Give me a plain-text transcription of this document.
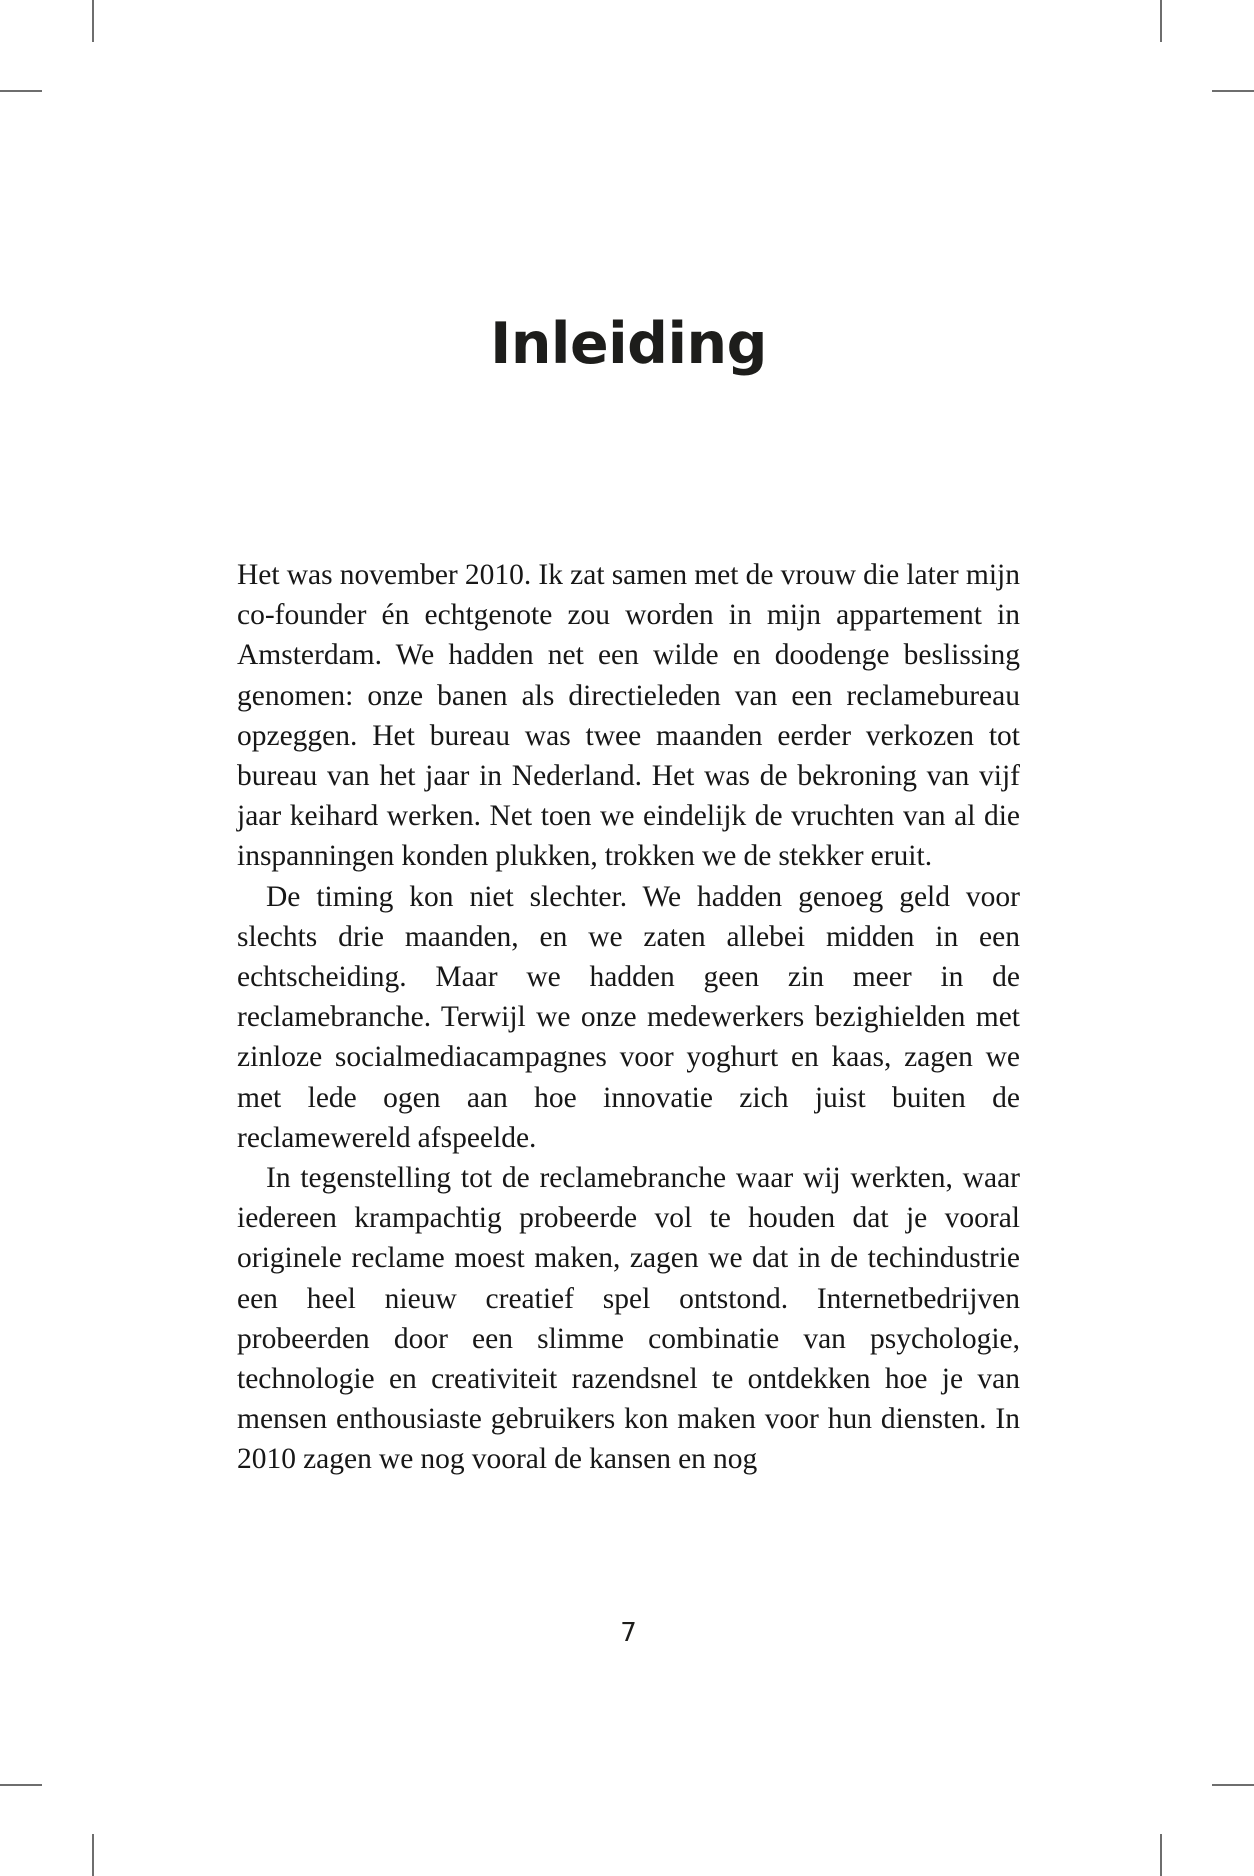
Inleiding

Het was november 2010. Ik zat samen met de vrouw die later mijn co-founder én echtgenote zou worden in mijn appartement in Amsterdam. We hadden net een wilde en doodenge beslissing genomen: onze banen als directieleden van een reclamebureau opzeggen. Het bureau was twee maanden eerder verkozen tot bureau van het jaar in Nederland. Het was de bekroning van vijf jaar keihard werken. Net toen we eindelijk de vruchten van al die inspanningen konden plukken, trokken we de stekker eruit.

De timing kon niet slechter. We hadden genoeg geld voor slechts drie maanden, en we zaten allebei midden in een echtscheiding. Maar we hadden geen zin meer in de reclamebranche. Terwijl we onze medewerkers bezighielden met zinloze socialmediacampagnes voor yoghurt en kaas, zagen we met lede ogen aan hoe innovatie zich juist buiten de reclamewereld afspeelde.

In tegenstelling tot de reclamebranche waar wij werkten, waar iedereen krampachtig probeerde vol te houden dat je vooral originele reclame moest maken, zagen we dat in de techindustrie een heel nieuw creatief spel ontstond. Internetbedrijven probeerden door een slimme combinatie van psychologie, technologie en creativiteit razendsnel te ontdekken hoe je van mensen enthousiaste gebruikers kon maken voor hun diensten. In 2010 zagen we nog vooral de kansen en nog

7
